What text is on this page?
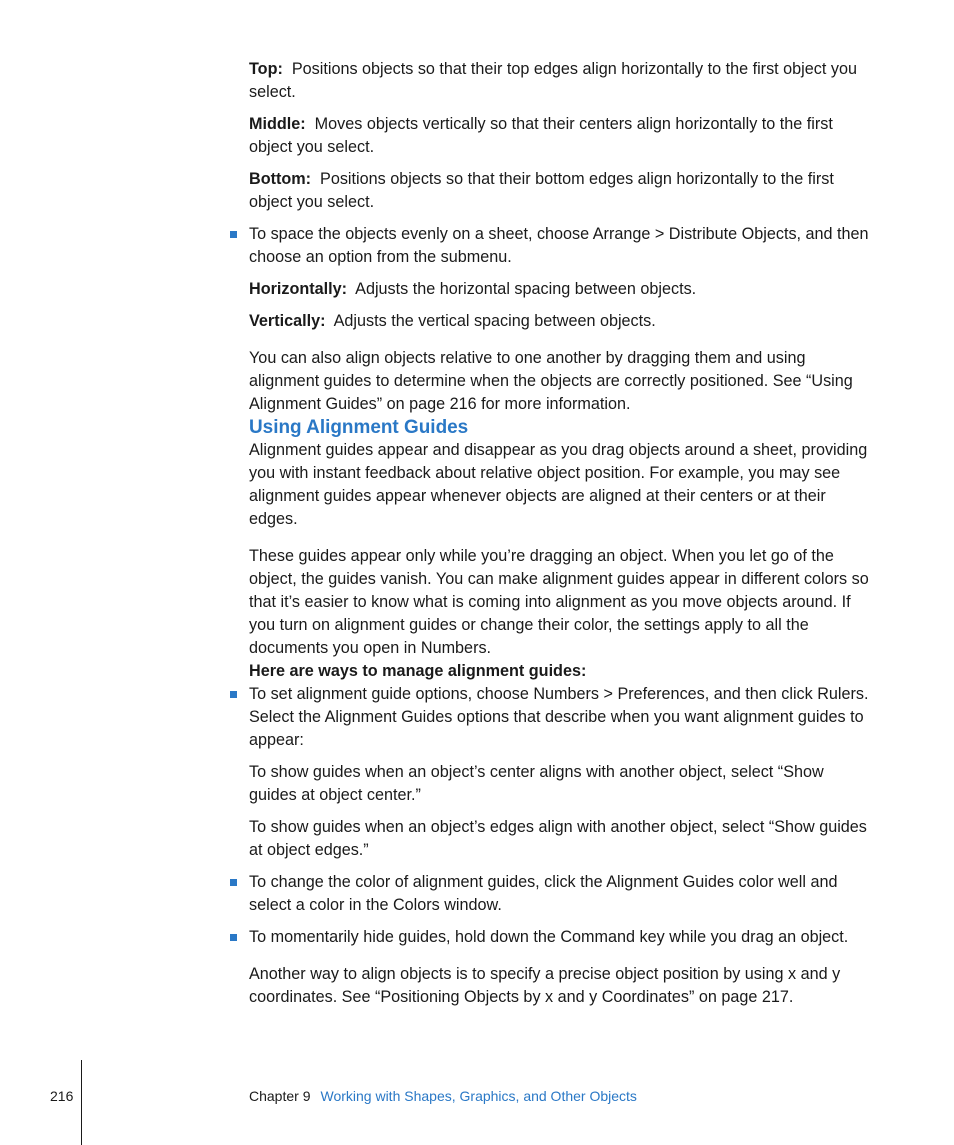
Top: Positions objects so that their top edges align horizontally to the first object you select.

Middle: Moves objects vertically so that their centers align horizontally to the first object you select.

Bottom: Positions objects so that their bottom edges align horizontally to the first object you select.

To space the objects evenly on a sheet, choose Arrange > Distribute Objects, and then choose an option from the submenu.

Horizontally: Adjusts the horizontal spacing between objects.

Vertically: Adjusts the vertical spacing between objects.

You can also align objects relative to one another by dragging them and using alignment guides to determine when the objects are correctly positioned. See “Using Alignment Guides” on page 216 for more information.

Using Alignment Guides

Alignment guides appear and disappear as you drag objects around a sheet, providing you with instant feedback about relative object position. For example, you may see alignment guides appear whenever objects are aligned at their centers or at their edges.

These guides appear only while you’re dragging an object. When you let go of the object, the guides vanish. You can make alignment guides appear in different colors so that it’s easier to know what is coming into alignment as you move objects around. If you turn on alignment guides or change their color, the settings apply to all the documents you open in Numbers.

Here are ways to manage alignment guides:

To set alignment guide options, choose Numbers > Preferences, and then click Rulers. Select the Alignment Guides options that describe when you want alignment guides to appear:

To show guides when an object’s center aligns with another object, select “Show guides at object center.”

To show guides when an object’s edges align with another object, select “Show guides at object edges.”

To change the color of alignment guides, click the Alignment Guides color well and select a color in the Colors window.

To momentarily hide guides, hold down the Command key while you drag an object.

Another way to align objects is to specify a precise object position by using x and y coordinates. See “Positioning Objects by x and y Coordinates” on page 217.

216	Chapter 9 Working with Shapes, Graphics, and Other Objects
